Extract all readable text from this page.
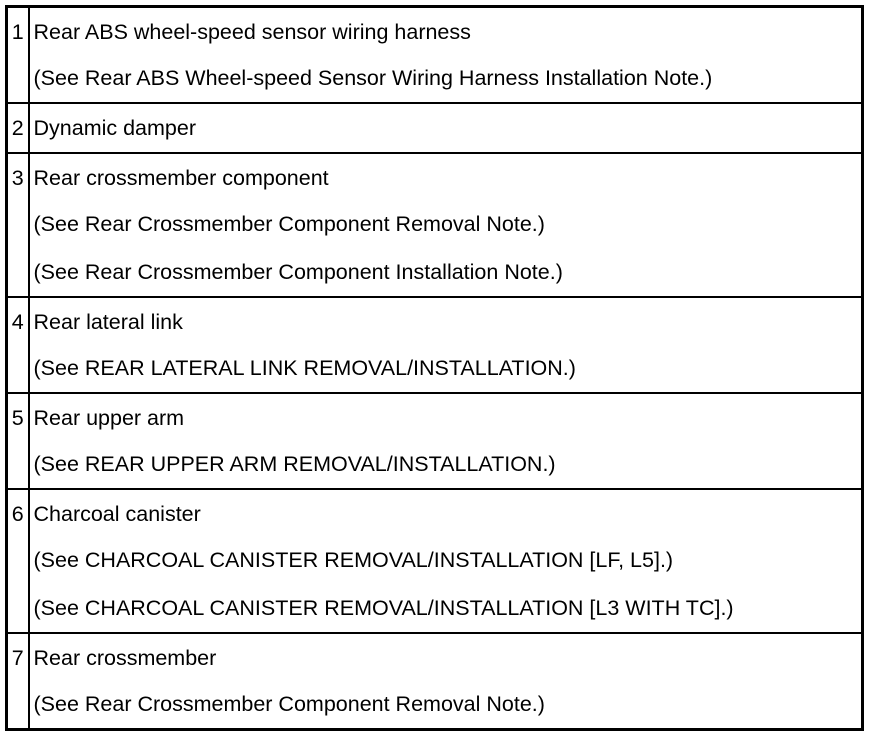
1	Rear ABS wheel-speed sensor wiring harness
(See Rear ABS Wheel-speed Sensor Wiring Harness Installation Note.)

2	Dynamic damper

3	Rear crossmember component
(See Rear Crossmember Component Removal Note.)
(See Rear Crossmember Component Installation Note.)

4	Rear lateral link
(See REAR LATERAL LINK REMOVAL/INSTALLATION.)

5	Rear upper arm
(See REAR UPPER ARM REMOVAL/INSTALLATION.)

6	Charcoal canister
(See CHARCOAL CANISTER REMOVAL/INSTALLATION [LF, L5].)
(See CHARCOAL CANISTER REMOVAL/INSTALLATION [L3 WITH TC].)

7	Rear crossmember
(See Rear Crossmember Component Removal Note.)
